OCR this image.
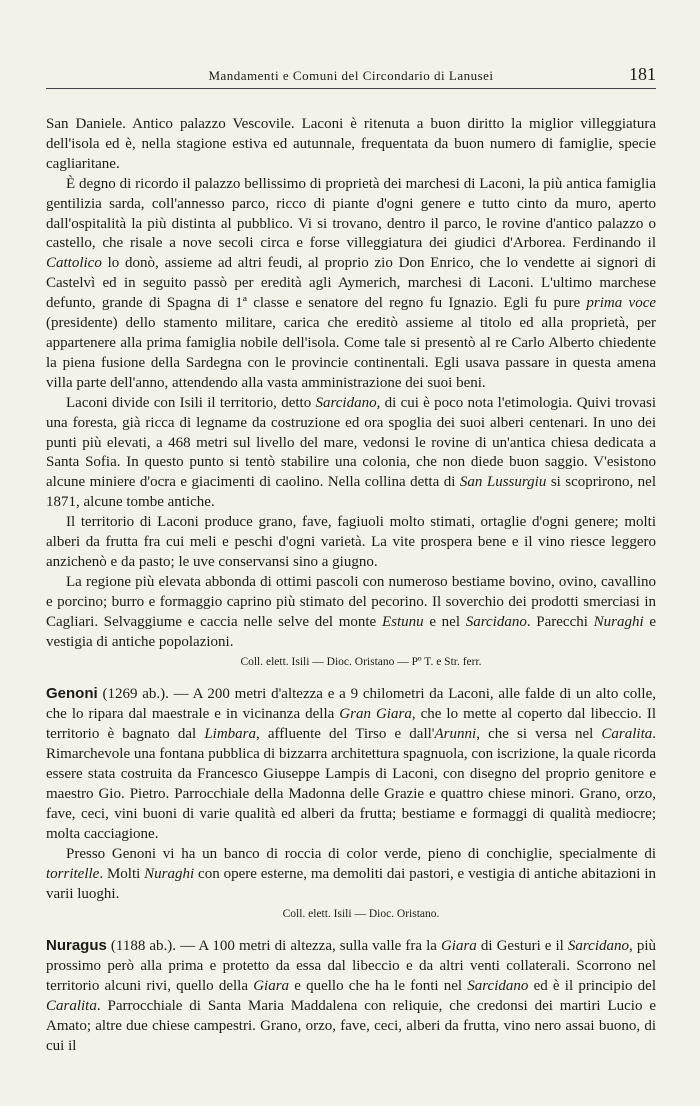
Mandamenti e Comuni del Circondario di Lanusei	181

San Daniele. Antico palazzo Vescovile. Laconi è ritenuta a buon diritto la miglior villeggiatura dell'isola ed è, nella stagione estiva ed autunnale, frequentata da buon numero di famiglie, specie cagliaritane.

È degno di ricordo il palazzo bellissimo di proprietà dei marchesi di Laconi, la più antica famiglia gentilizia sarda, coll'annesso parco, ricco di piante d'ogni genere e tutto cinto da muro, aperto dall'ospitalità la più distinta al pubblico. Vi si trovano, dentro il parco, le rovine d'antico palazzo o castello, che risale a nove secoli circa e forse villeggiatura dei giudici d'Arborea. Ferdinando il Cattolico lo donò, assieme ad altri feudi, al proprio zio Don Enrico, che lo vendette ai signori di Castelvì ed in seguito passò per eredità agli Aymerich, marchesi di Laconi. L'ultimo marchese defunto, grande di Spagna di 1ª classe e senatore del regno fu Ignazio. Egli fu pure prima voce (presidente) dello stamento militare, carica che ereditò assieme al titolo ed alla proprietà, per appartenere alla prima famiglia nobile dell'isola. Come tale si presentò al re Carlo Alberto chiedente la piena fusione della Sardegna con le provincie continentali. Egli usava passare in questa amena villa parte dell'anno, attendendo alla vasta amministrazione dei suoi beni.

Laconi divide con Isili il territorio, detto Sarcidano, di cui è poco nota l'etimologia. Quivi trovasi una foresta, già ricca di legname da costruzione ed ora spoglia dei suoi alberi centenari. In uno dei punti più elevati, a 468 metri sul livello del mare, vedonsi le rovine di un'antica chiesa dedicata a Santa Sofia. In questo punto si tentò stabilire una colonia, che non diede buon saggio. V'esistono alcune miniere d'ocra e giacimenti di caolino. Nella collina detta di San Lussurgiu si scoprirono, nel 1871, alcune tombe antiche.

Il territorio di Laconi produce grano, fave, fagiuoli molto stimati, ortaglie d'ogni genere; molti alberi da frutta fra cui meli e peschi d'ogni varietà. La vite prospera bene e il vino riesce leggero anzichenò e da pasto; le uve conservansi sino a giugno.

La regione più elevata abbonda di ottimi pascoli con numeroso bestiame bovino, ovino, cavallino e porcino; burro e formaggio caprino più stimato del pecorino. Il soverchio dei prodotti smerciasi in Cagliari. Selvaggiume e caccia nelle selve del monte Estunu e nel Sarcidano. Parecchi Nuraghi e vestigia di antiche popolazioni.

Coll. elett. Isili — Dioc. Oristano — Pº T. e Str. ferr.

Genoni (1269 ab.). — A 200 metri d'altezza e a 9 chilometri da Laconi, alle falde di un alto colle, che lo ripara dal maestrale e in vicinanza della Gran Giara, che lo mette al coperto dal libeccio. Il territorio è bagnato dal Limbara, affluente del Tirso e dall'Arunni, che si versa nel Caralita. Rimarchevole una fontana pubblica di bizzarra architettura spagnuola, con iscrizione, la quale ricorda essere stata costruita da Francesco Giuseppe Lampis di Laconi, con disegno del proprio genitore e maestro Gio. Pietro. Parrocchiale della Madonna delle Grazie e quattro chiese minori. Grano, orzo, fave, ceci, vini buoni di varie qualità ed alberi da frutta; bestiame e formaggi di qualità mediocre; molta cacciagione.

Presso Genoni vi ha un banco di roccia di color verde, pieno di conchiglie, specialmente di torritelle. Molti Nuraghi con opere esterne, ma demoliti dai pastori, e vestigia di antiche abitazioni in varii luoghi.

Coll. elett. Isili — Dioc. Oristano.

Nuragus (1188 ab.). — A 100 metri di altezza, sulla valle fra la Giara di Gesturi e il Sarcidano, più prossimo però alla prima e protetto da essa dal libeccio e da altri venti collaterali. Scorrono nel territorio alcuni rivi, quello della Giara e quello che ha le fonti nel Sarcidano ed è il principio del Caralita. Parrocchiale di Santa Maria Maddalena con reliquie, che credonsi dei martiri Lucio e Amato; altre due chiese campestri. Grano, orzo, fave, ceci, alberi da frutta, vino nero assai buono, di cui il
